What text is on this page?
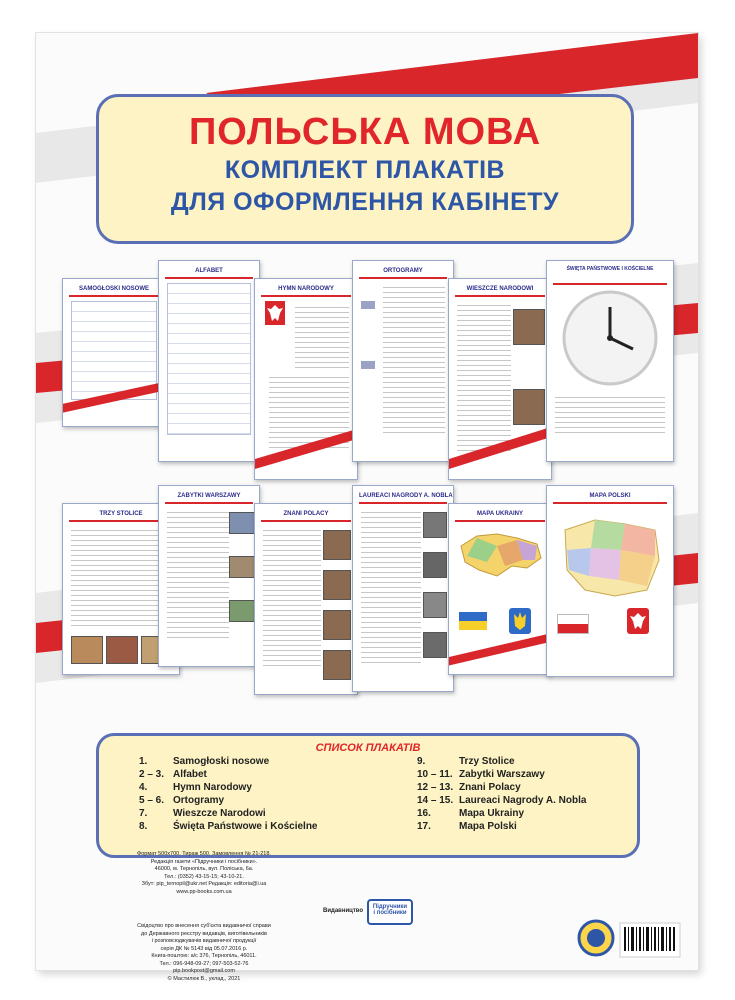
ПОЛЬСЬКА МОВА
КОМПЛЕКТ ПЛАКАТІВ
ДЛЯ ОФОРМЛЕННЯ КАБІНЕТУ
SAMOGŁOSKI NOSOWE
ALFABET
HYMN NARODOWY
ORTOGRAMY
WIESZCZE NARODOWI
ŚWIĘTA PAŃSTWOWE I KOŚCIELNE
TRZY STOLICE
ZABYTKI WARSZAWY
ZNANI POLACY
LAUREACI NAGRODY A. NOBLA
MAPA UKRAINY
MAPA POLSKI
СПИСОК ПЛАКАТІВ
1.	Samogłoski nosowe
2 – 3. Alfabet
4.	Hymn Narodowy
5 – 6. Ortogramy
7.	Wieszcze Narodowi
8.	Święta Państwowe i Kościelne
9.	Trzy Stolice
10 – 11. Zabytki Warszawy
12 – 13. Znani Polacy
14 – 15. Laureaci Nagrody A. Nobla
16.	Mapa Ukrainy
17.	Mapa Polski
Формат 500x700. Тираж 500. Замовлення № 21-218.
Редакція газети «Підручники і посібники».
46000, м. Тернопіль, вул. Поліська, 6а.
Тел.: (0352) 43-15-15; 43-10-21.
Збут: pip_ternopil@ukr.net Редакція: editoria@i.ua
www.pp-books.com.ua
Свідоцтво про внесення суб'єкта видавничої справи
до Державного реєстру видавців, виготівельників
і розповсюджувачів видавничої продукції
серія ДК № 5143 від 05.07.2016 р.
Книга-поштою: а/с 376, Тернопіль, 46011.
Тел.: 096-948-09-27; 097-503-52-76
pip.bookpost@gmail.com
© Мастилюк В., уклад., 2021
Видавництво
Підручники
і посібники
